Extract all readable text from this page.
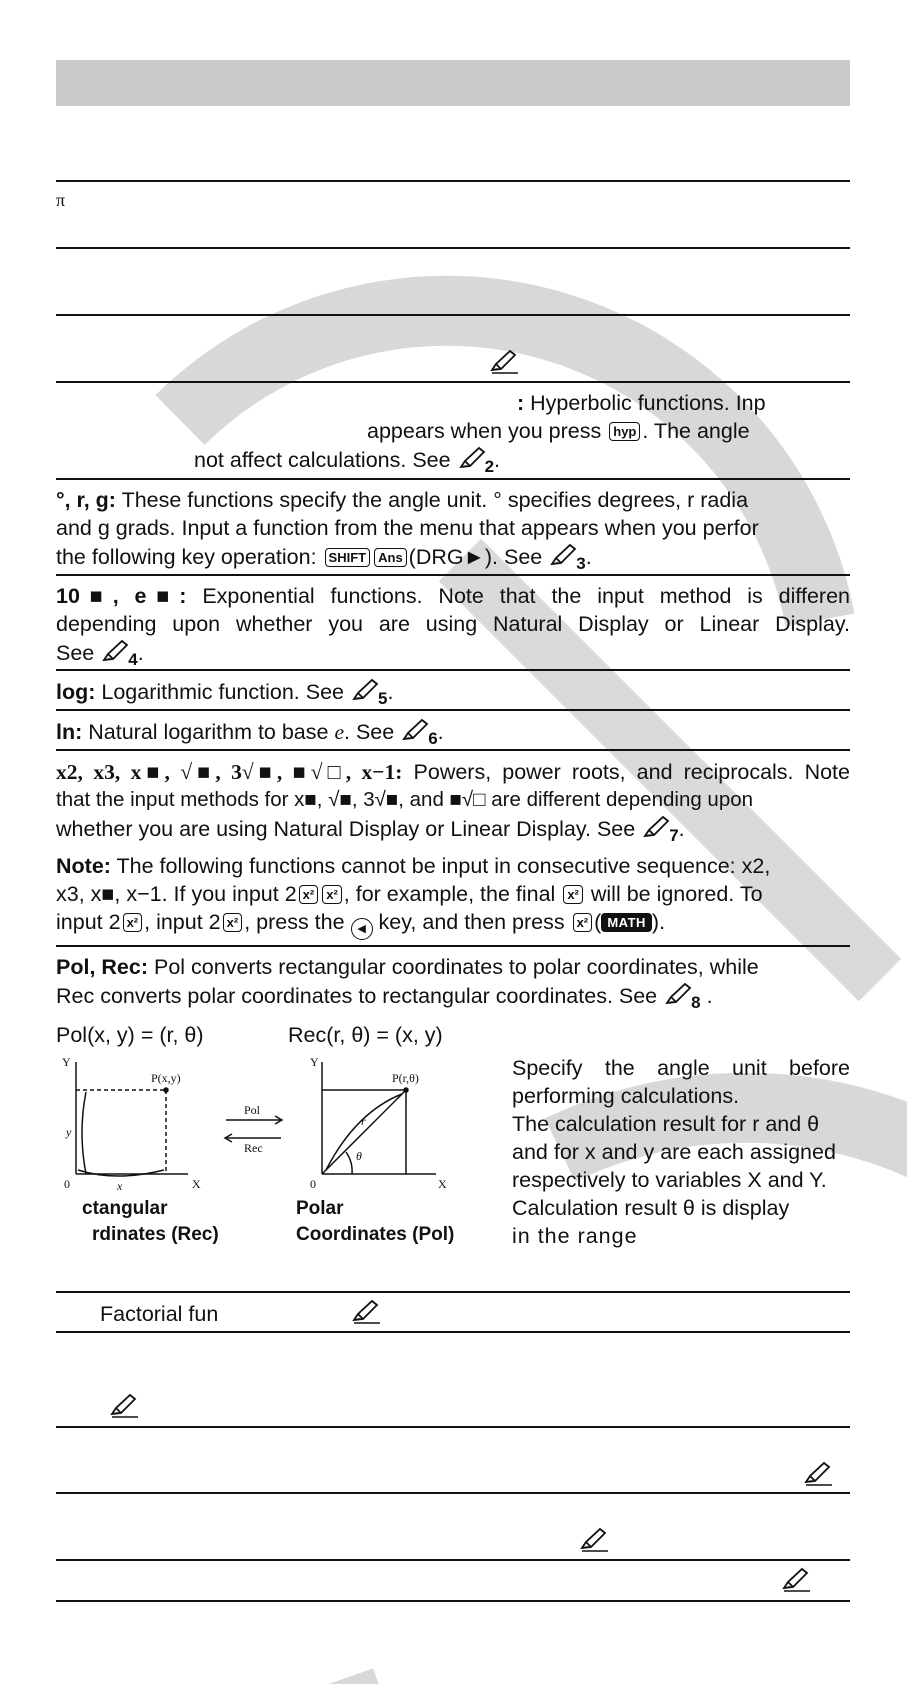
π
: Hyperbolic functions. Inp
appears when you press hyp . The angle
not affect calculations. See $_2$.
°, r, g: These functions specify the angle unit. ° specifies degrees, r radia
and g grads. Input a function from the menu that appears when you perfor
the following key operation: SHIFT Ans (DRG►). See $_3$.
10■, e■: Exponential functions. Note that the input method is differen
depending upon whether you are using Natural Display or Linear Display.
See $_4$.
log: Logarithmic function. See $_5$.
ln: Natural logarithm to base e. See $_6$.
x2, x3, x■, √■, 3√■, ■√□, x−1: Powers, power roots, and reciprocals. Note
that the input methods for x■, √■, 3√■, and ■√□ are different depending upon
whether you are using Natural Display or Linear Display. See $_7$.
Note: The following functions cannot be input in consecutive sequence: x2,
x3, x■, x−1. If you input 2 x² x² , for example, the final x² will be ignored. To
input 2 x² , input 2 x² , press the ◀ key, and then press x² ( MATH ).
Pol, Rec: Pol converts rectangular coordinates to polar coordinates, while
Rec converts polar coordinates to rectangular coordinates. See $_8$ .
Pol(x, y) = (r, θ)	Rec(r, θ) = (x, y)
Y
X
0
P(x,y)
x
y
Pol
Rec
Y
X
0
P(r,θ)
r
θ
ctangular
rdinates (Rec)
Polar
Coordinates (Pol)
Specify the angle unit before
performing calculations.
The calculation result for r and θ
and for x and y are each assigned
respectively to variables X and Y.
Calculation result θ is display
in the range
Factorial fun
